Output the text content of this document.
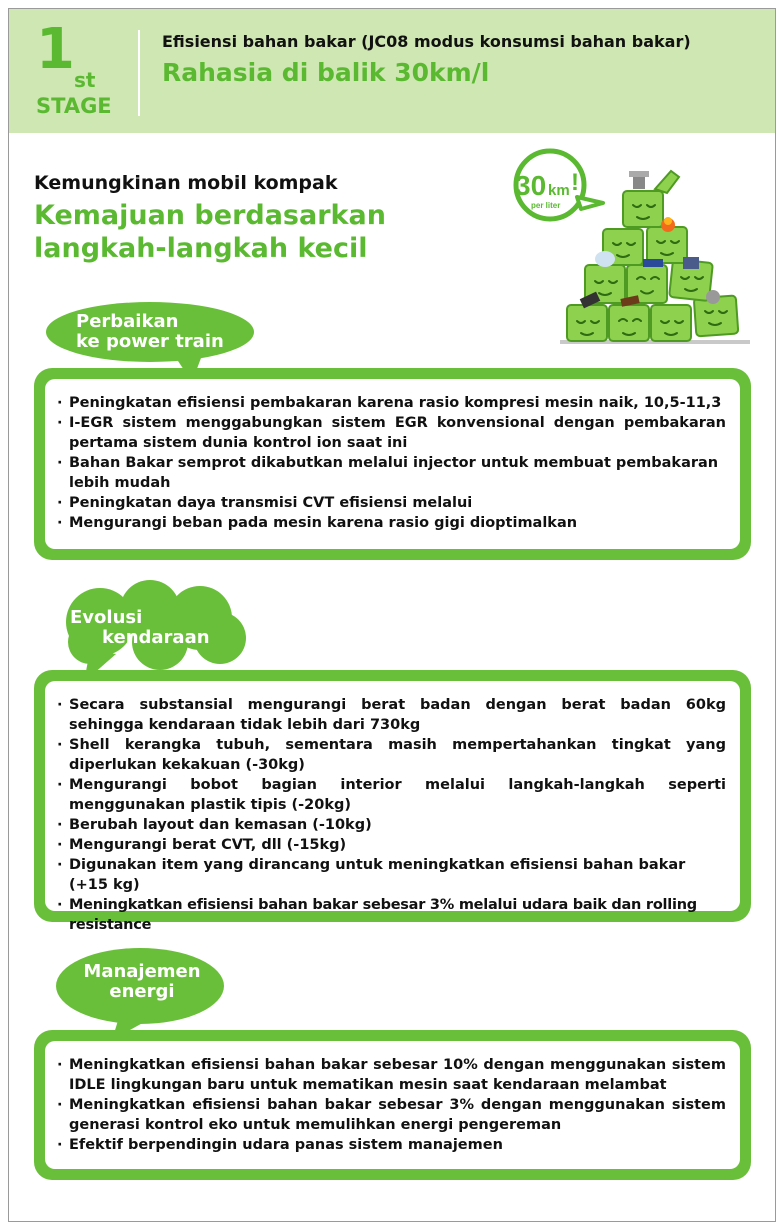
1 st
STAGE
Efisiensi bahan bakar (JC08 modus konsumsi bahan bakar)
Rahasia di balik 30km/l
Kemungkinan mobil kompak
Kemajuan berdasarkan langkah-langkah kecil
30 km !
per liter
Perbaikan
ke power train
· Peningkatan efisiensi pembakaran karena rasio kompresi mesin naik, 10,5-11,3
· I-EGR sistem menggabungkan sistem EGR konvensional dengan pembakaran pertama sistem dunia kontrol ion saat ini
· Bahan Bakar semprot dikabutkan melalui injector untuk membuat pembakaran lebih mudah
· Peningkatan daya transmisi CVT efisiensi melalui
· Mengurangi beban pada mesin karena rasio gigi dioptimalkan
Evolusi
kendaraan
· Secara substansial mengurangi berat badan dengan berat badan 60kg sehingga kendaraan tidak lebih dari 730kg
· Shell kerangka tubuh, sementara masih mempertahankan tingkat yang diperlukan kekakuan (-30kg)
· Mengurangi bobot bagian interior melalui langkah-langkah seperti menggunakan plastik tipis (-20kg)
· Berubah layout dan kemasan (-10kg)
· Mengurangi berat CVT, dll (-15kg)
· Digunakan item yang dirancang untuk meningkatkan efisiensi bahan bakar (+15 kg)
· Meningkatkan efisiensi bahan bakar sebesar 3% melalui udara baik dan rolling resistance
Manajemen
energi
· Meningkatkan efisiensi bahan bakar sebesar 10% dengan menggunakan sistem IDLE lingkungan baru untuk mematikan mesin saat kendaraan melambat
· Meningkatkan efisiensi bahan bakar sebesar 3% dengan menggunakan sistem generasi kontrol eko untuk memulihkan energi pengereman
· Efektif berpendingin udara panas sistem manajemen
